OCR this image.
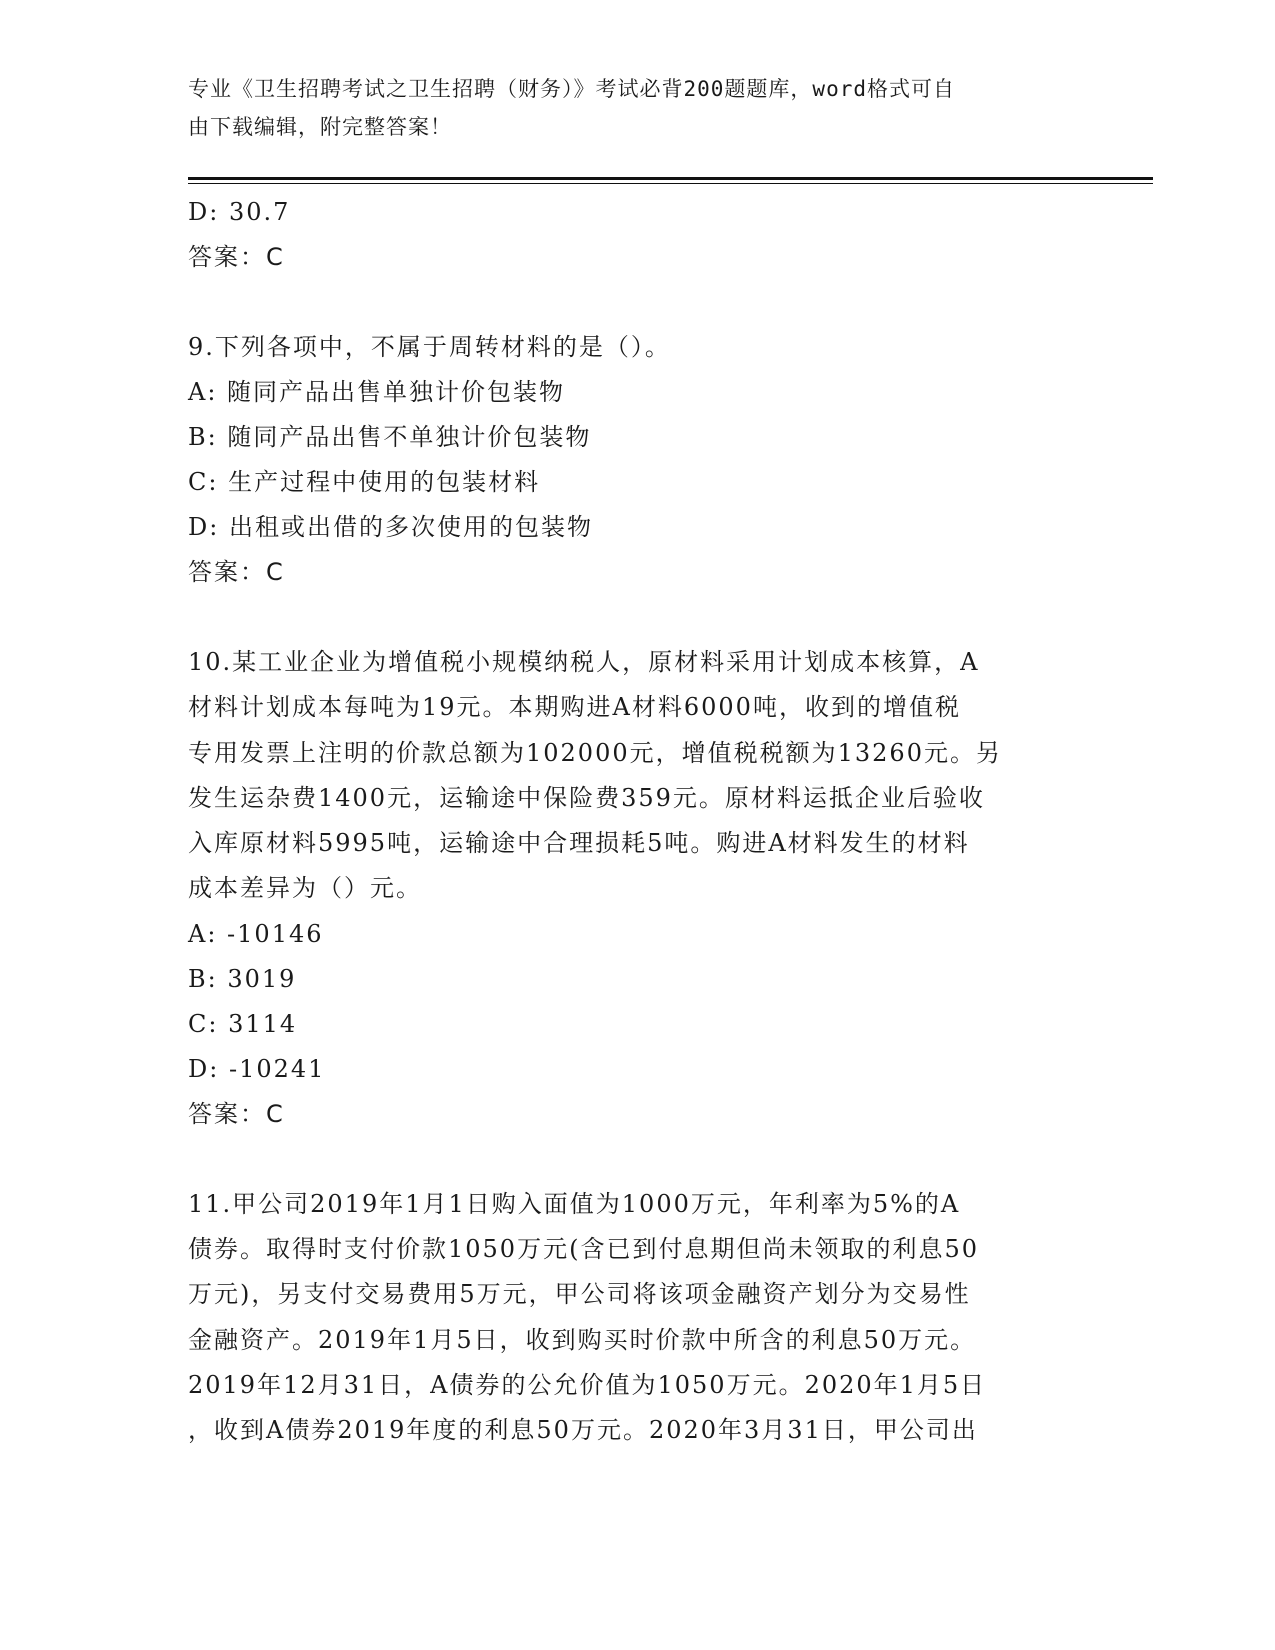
专业《卫生招聘考试之卫生招聘（财务）》考试必背200题题库，word格式可自
由下载编辑，附完整答案！
D: 30.7
答案：C
9.下列各项中，不属于周转材料的是（）。
A: 随同产品出售单独计价包装物
B: 随同产品出售不单独计价包装物
C: 生产过程中使用的包装材料
D: 出租或出借的多次使用的包装物
答案：C
10.某工业企业为增值税小规模纳税人，原材料采用计划成本核算，A
材料计划成本每吨为19元。本期购进A材料6000吨，收到的增值税
专用发票上注明的价款总额为102000元，增值税税额为13260元。另
发生运杂费1400元，运输途中保险费359元。原材料运抵企业后验收
入库原材料5995吨，运输途中合理损耗5吨。购进A材料发生的材料
成本差异为（）元。
A: -10146
B: 3019
C: 3114
D: -10241
答案：C
11.甲公司2019年1月1日购入面值为1000万元，年利率为5%的A
债券。取得时支付价款1050万元(含已到付息期但尚未领取的利息50
万元)，另支付交易费用5万元，甲公司将该项金融资产划分为交易性
金融资产。2019年1月5日，收到购买时价款中所含的利息50万元。
2019年12月31日，A债券的公允价值为1050万元。2020年1月5日
，收到A债券2019年度的利息50万元。2020年3月31日，甲公司出
